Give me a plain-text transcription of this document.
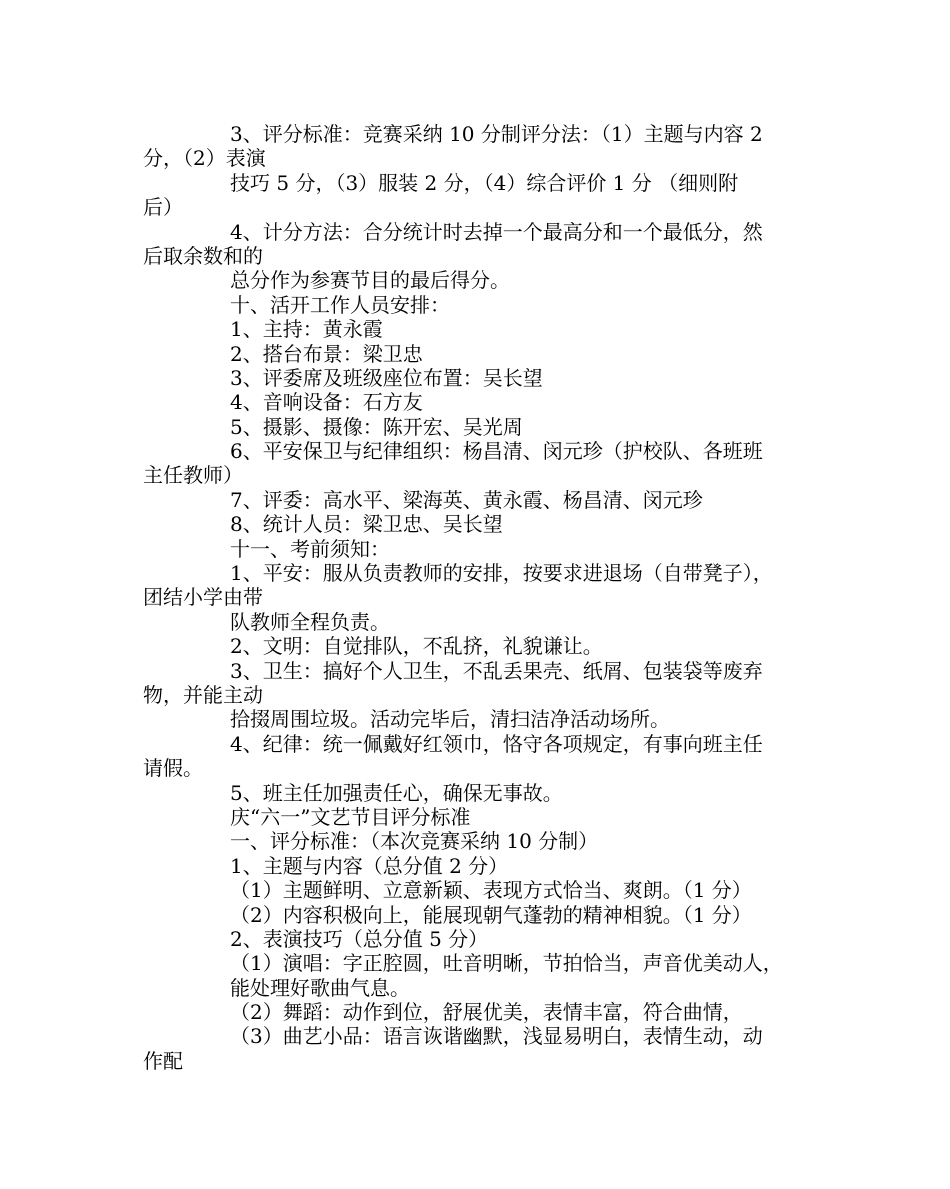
3、评分标准：竞赛采纳 10 分制评分法：（1）主题与内容 2
分，（2）表演
技巧 5 分，（3）服装 2 分，（4）综合评价 1 分 （细则附
后）
4、计分方法：合分统计时去掉一个最高分和一个最低分，然
后取余数和的
总分作为参赛节目的最后得分。
十、活开工作人员安排：
1、主持：黄永霞
2、搭台布景：梁卫忠
3、评委席及班级座位布置：吴长望
4、音响设备：石方友
5、摄影、摄像：陈开宏、吴光周
6、平安保卫与纪律组织：杨昌清、闵元珍（护校队、各班班
主任教师）
7、评委：高水平、梁海英、黄永霞、杨昌清、闵元珍
8、统计人员：梁卫忠、吴长望
十一、考前须知：
1、平安：服从负责教师的安排，按要求进退场（自带凳子），
团结小学由带
队教师全程负责。
2、文明：自觉排队，不乱挤，礼貌谦让。
3、卫生：搞好个人卫生，不乱丢果壳、纸屑、包装袋等废弃
物，并能主动
拾掇周围垃圾。活动完毕后，清扫洁净活动场所。
4、纪律：统一佩戴好红领巾，恪守各项规定，有事向班主任
请假。
5、班主任加强责任心，确保无事故。
庆“六一”文艺节目评分标准
一、评分标准：（本次竞赛采纳 10 分制）
1、主题与内容（总分值 2 分）
（1）主题鲜明、立意新颖、表现方式恰当、爽朗。（1 分）
（2）内容积极向上，能展现朝气蓬勃的精神相貌。（1 分）
2、表演技巧（总分值 5 分）
（1）演唱：字正腔圆，吐音明晰，节拍恰当，声音优美动人，
能处理好歌曲气息。
（2）舞蹈：动作到位，舒展优美，表情丰富，符合曲情，
（3）曲艺小品：语言诙谐幽默，浅显易明白，表情生动，动
作配
